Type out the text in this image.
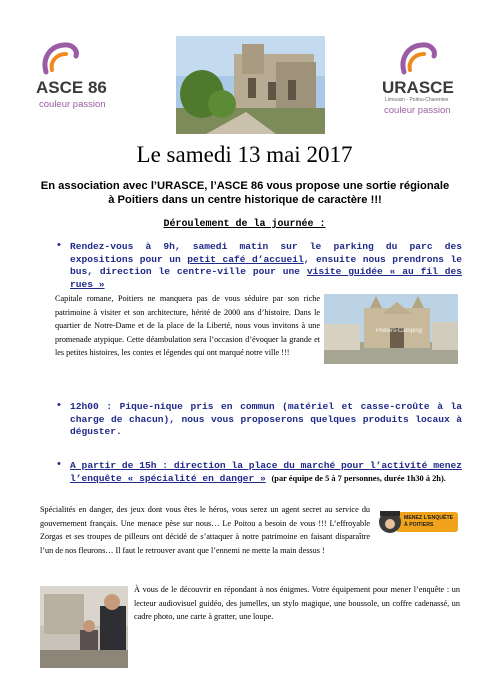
ASCE 86
couleur passion
URASCE
Limousin - Poitou-Charentes
couleur passion
Le samedi 13 mai 2017
En association avec l’URASCE, l’ASCE 86 vous propose une sortie régionale à Poitiers dans un centre historique de caractère !!!
Déroulement de la journée :
• Rendez-vous à 9h, samedi matin sur le parking du parc des expositions pour un petit café d’accueil, ensuite nous prendrons le bus, direction le centre-ville pour une visite guidée « au fil des rues »
Capitale romane, Poitiers ne manquera pas de vous séduire par son riche patrimoine à visiter et son architecture, hérité de 2000 ans d’histoire. Dans le quartier de Notre-Dame et de la place de la Liberté, nous vous invitons à une promenade atypique. Cette déambulation sera l’occasion d’évoquer la grande et les petites histoires, les contes et légendes qui ont marqué notre ville !!!
Poitiers-Camping
• 12h00 : Pique-nique pris en commun (matériel et casse-croûte à la charge de chacun), nous vous proposerons quelques produits locaux à déguster.
• A partir de 15h : direction la place du marché pour l’activité menez l’enquête « spécialité en danger » (par équipe de 5 à 7 personnes, durée 1h30 à 2h).
Spécialités en danger, des jeux dont vous êtes le héros, vous serez un agent secret au service du gouvernement français. Une menace pèse sur nous… Le Poitou a besoin de vous !!! L’effroyable Zorgas et ses troupes de pilleurs ont décidé de s’attaquer à notre patrimoine en faisant disparaître l’un de nos fleurons… Il faut le retrouver avant que l’ennemi ne mette la main dessus !
MENEZ L'ENQUÊTE À POITIERS
À vous de le découvrir en répondant à nos énigmes. Votre équipement pour mener l’enquête : un lecteur audiovisuel guidéo, des jumelles, un stylo magique, une boussole, un coffre cadenassé, un cadre photo, une carte à gratter, une loupe.
